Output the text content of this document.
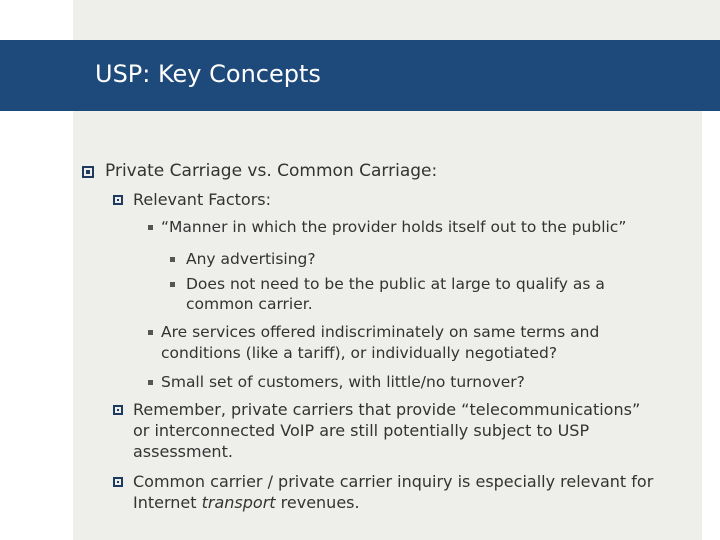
USP: Key Concepts
Private Carriage vs. Common Carriage:
Relevant Factors:
“Manner in which the provider holds itself out to the public”
Any advertising?
Does not need to be the public at large to qualify as a
common carrier.
Are services offered indiscriminately on same terms and
conditions (like a tariff), or individually negotiated?
Small set of customers, with little/no turnover?
Remember, private carriers that provide “telecommunications”
or interconnected VoIP are still potentially subject to USP
assessment.
Common carrier / private carrier inquiry is especially relevant for
Internet transport revenues.
